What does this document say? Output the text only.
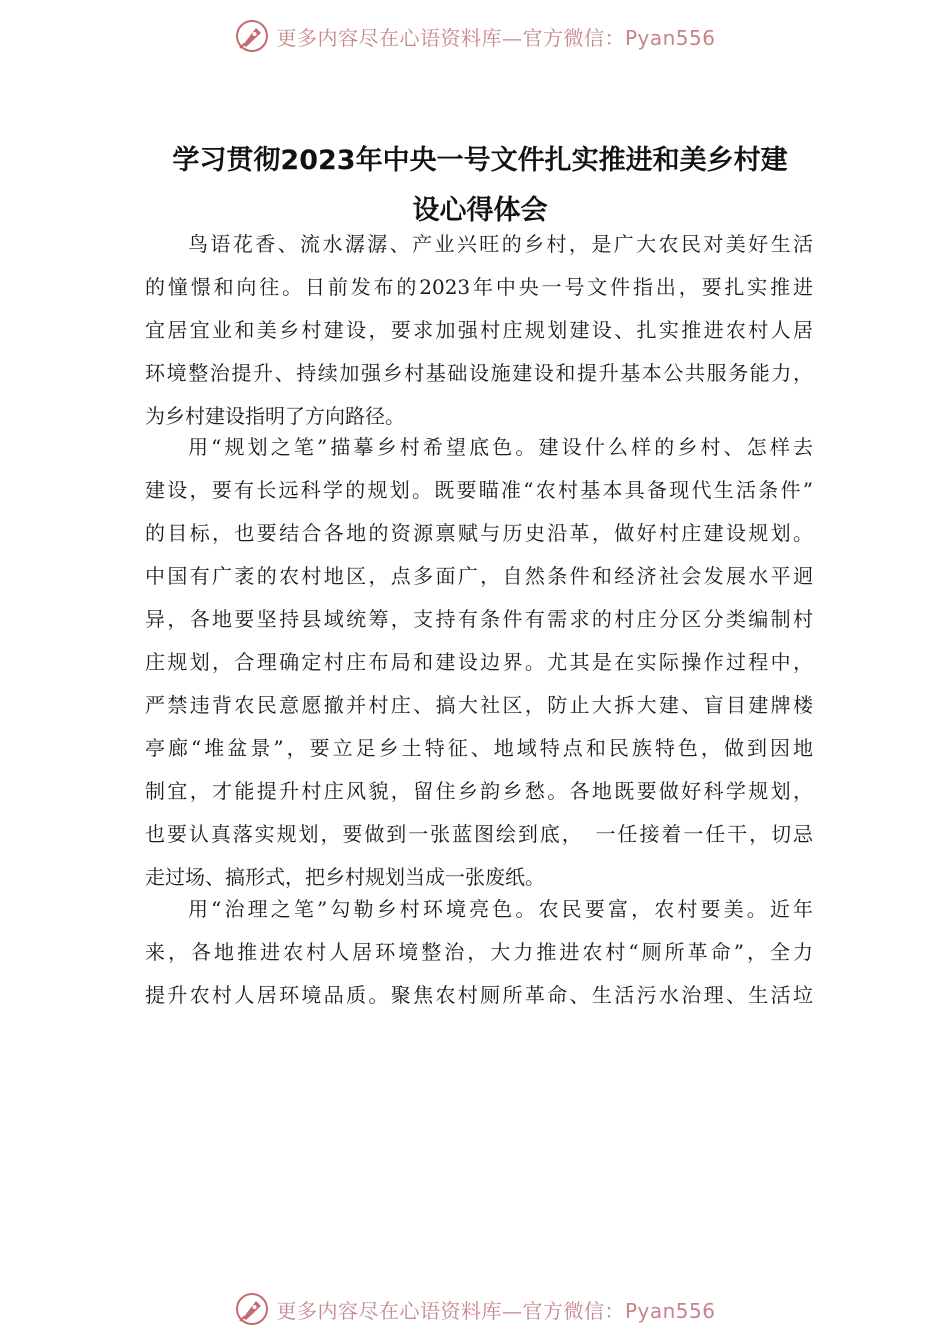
更多内容尽在心语资料库—官方微信：Pyan556
学习贯彻2023年中央一号文件扎实推进和美乡村建
设心得体会
鸟语花香、流水潺潺、产业兴旺的乡村，是广大农民对美好生活
的憧憬和向往。日前发布的2023年中央一号文件指出，要扎实推进
宜居宜业和美乡村建设，要求加强村庄规划建设、扎实推进农村人居
环境整治提升、持续加强乡村基础设施建设和提升基本公共服务能力，
为乡村建设指明了方向路径。
用“规划之笔”描摹乡村希望底色。建设什么样的乡村、怎样去
建设，要有长远科学的规划。既要瞄准“农村基本具备现代生活条件”
的目标，也要结合各地的资源禀赋与历史沿革，做好村庄建设规划。
中国有广袤的农村地区，点多面广，自然条件和经济社会发展水平迥
异，各地要坚持县域统筹，支持有条件有需求的村庄分区分类编制村
庄规划，合理确定村庄布局和建设边界。尤其是在实际操作过程中，
严禁违背农民意愿撤并村庄、搞大社区，防止大拆大建、盲目建牌楼
亭廊“堆盆景”，要立足乡土特征、地域特点和民族特色，做到因地
制宜，才能提升村庄风貌，留住乡韵乡愁。各地既要做好科学规划，
也要认真落实规划，要做到一张蓝图绘到底，　一任接着一任干，切忌
走过场、搞形式，把乡村规划当成一张废纸。
用“治理之笔”勾勒乡村环境亮色。农民要富，农村要美。近年
来，各地推进农村人居环境整治，大力推进农村“厕所革命”，全力
提升农村人居环境品质。聚焦农村厕所革命、生活污水治理、生活垃
更多内容尽在心语资料库—官方微信：Pyan556
